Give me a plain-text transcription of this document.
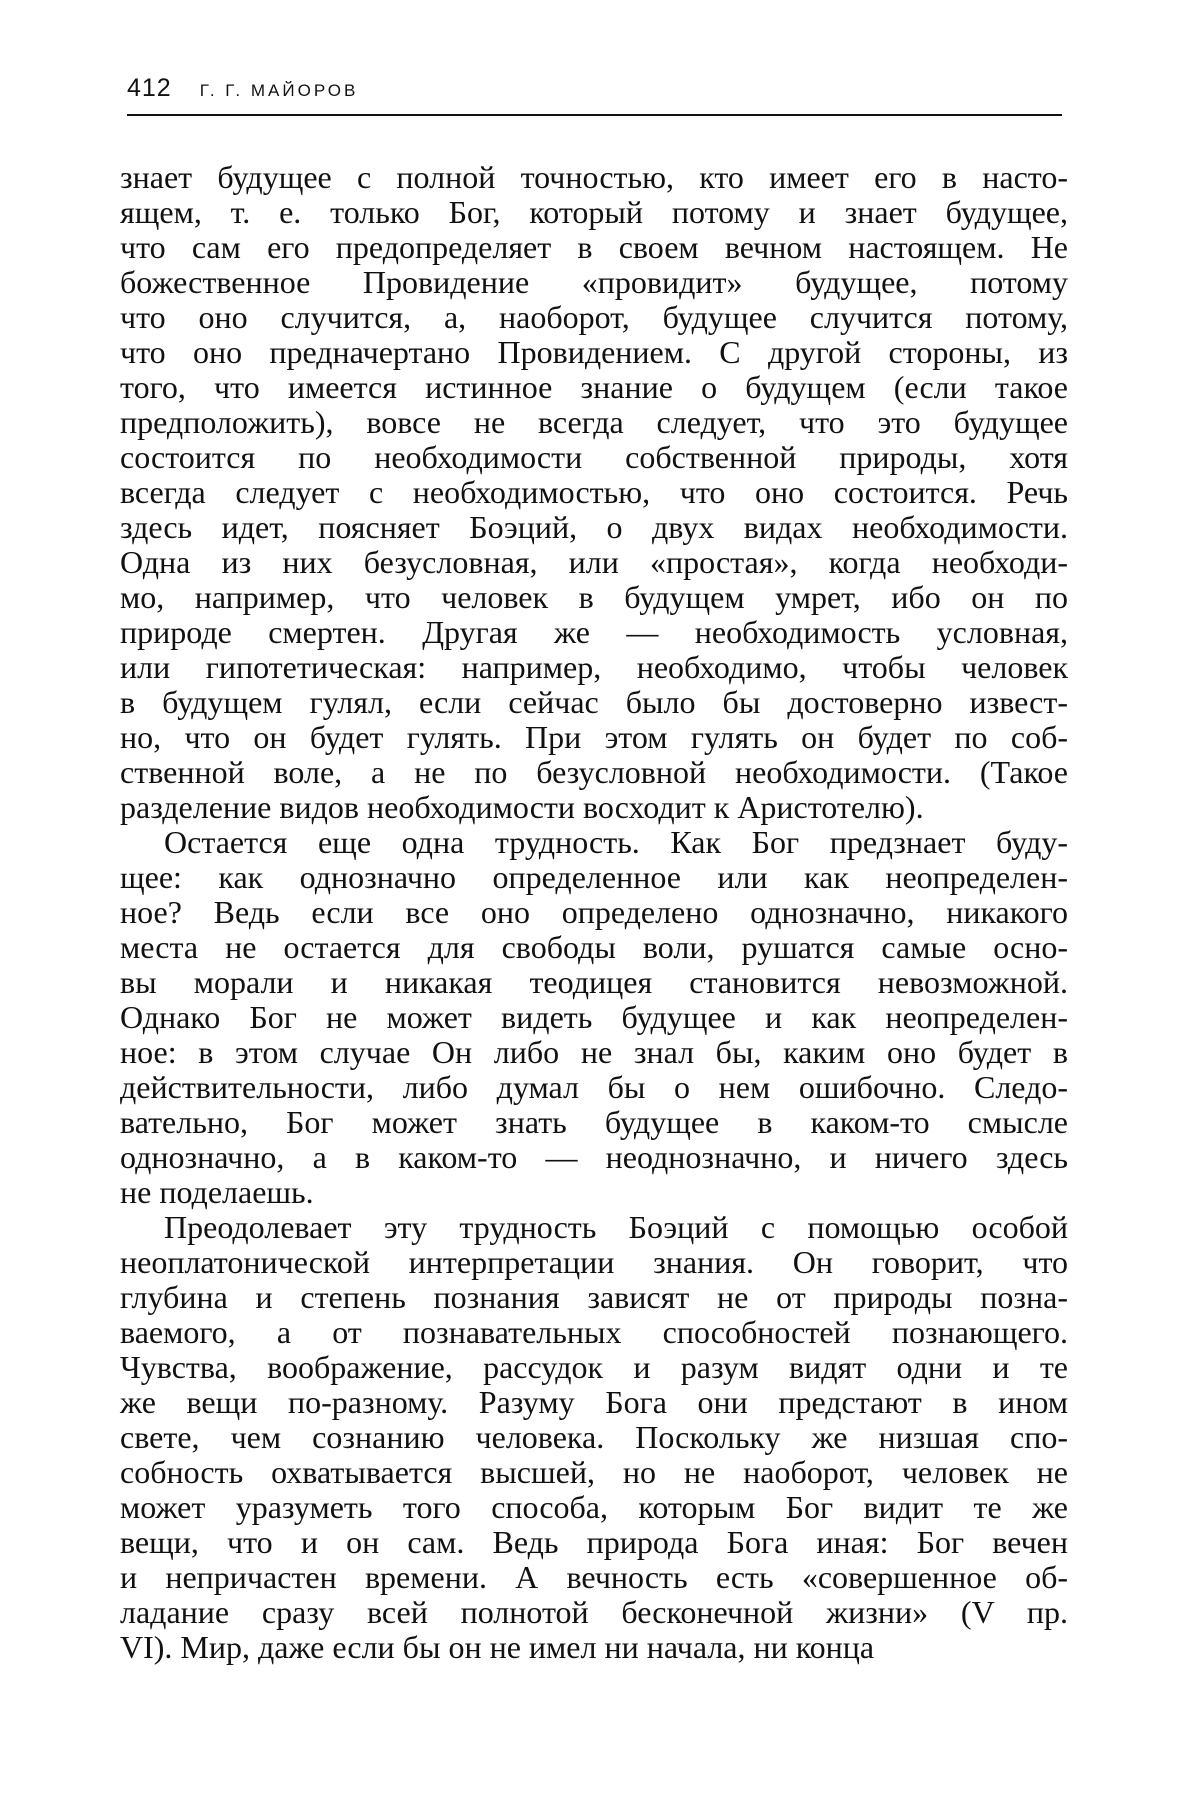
412 Г. Г. МАЙОРОВ
знает будущее с полной точностью, кто имеет его в насто-
ящем, т. е. только Бог, который потому и знает будущее,
что сам его предопределяет в своем вечном настоящем. Не
божественное Провидение «провидит» будущее, потому
что оно случится, а, наоборот, будущее случится потому,
что оно предначертано Провидением. С другой стороны, из
того, что имеется истинное знание о будущем (если такое
предположить), вовсе не всегда следует, что это будущее
состоится по необходимости собственной природы, хотя
всегда следует с необходимостью, что оно состоится. Речь
здесь идет, поясняет Боэций, о двух видах необходимости.
Одна из них безусловная, или «простая», когда необходи-
мо, например, что человек в будущем умрет, ибо он по
природе смертен. Другая же — необходимость условная,
или гипотетическая: например, необходимо, чтобы человек
в будущем гулял, если сейчас было бы достоверно извест-
но, что он будет гулять. При этом гулять он будет по соб-
ственной воле, а не по безусловной необходимости. (Такое
разделение видов необходимости восходит к Аристотелю).
Остается еще одна трудность. Как Бог предзнает буду-
щее: как однозначно определенное или как неопределен-
ное? Ведь если все оно определено однозначно, никакого
места не остается для свободы воли, рушатся самые осно-
вы морали и никакая теодицея становится невозможной.
Однако Бог не может видеть будущее и как неопределен-
ное: в этом случае Он либо не знал бы, каким оно будет в
действительности, либо думал бы о нем ошибочно. Следо-
вательно, Бог может знать будущее в каком-то смысле
однозначно, а в каком-то — неоднозначно, и ничего здесь
не поделаешь.
Преодолевает эту трудность Боэций с помощью особой
неоплатонической интерпретации знания. Он говорит, что
глубина и степень познания зависят не от природы позна-
ваемого, а от познавательных способностей познающего.
Чувства, воображение, рассудок и разум видят одни и те
же вещи по-разному. Разуму Бога они предстают в ином
свете, чем сознанию человека. Поскольку же низшая спо-
собность охватывается высшей, но не наоборот, человек не
может уразуметь того способа, которым Бог видит те же
вещи, что и он сам. Ведь природа Бога иная: Бог вечен
и непричастен времени. А вечность есть «совершенное об-
ладание сразу всей полнотой бесконечной жизни» (V пр.
VI). Мир, даже если бы он не имел ни начала, ни конца
